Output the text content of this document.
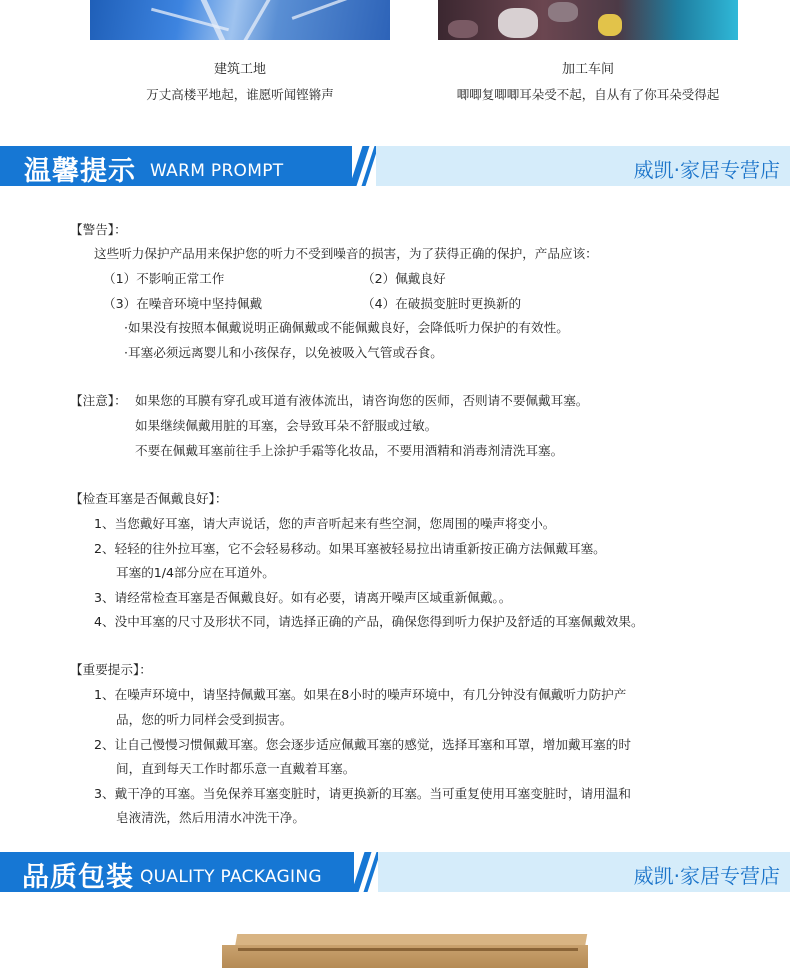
建筑工地
万丈高楼平地起，谁愿听闻铿锵声
加工车间
唧唧复唧唧耳朵受不起，自从有了你耳朵受得起
温馨提示 WARM PROMPT	威凯·家居专营店
【警告】：
这些听力保护产品用来保护您的听力不受到噪音的损害，为了获得正确的保护，产品应该：
（1）不影响正常工作	（2）佩戴良好
（3）在噪音环境中坚持佩戴	（4）在破损变脏时更换新的
·如果没有按照本佩戴说明正确佩戴或不能佩戴良好，会降低听力保护的有效性。
·耳塞必须远离婴儿和小孩保存，以免被吸入气管或吞食。
【注意】： 如果您的耳膜有穿孔或耳道有液体流出，请咨询您的医师，否则请不要佩戴耳塞。
如果继续佩戴用脏的耳塞，会导致耳朵不舒服或过敏。
不要在佩戴耳塞前往手上涂护手霜等化妆品，不要用酒精和消毒剂清洗耳塞。
【检查耳塞是否佩戴良好】：
1、当您戴好耳塞，请大声说话，您的声音听起来有些空洞，您周围的噪声将变小。
2、轻轻的往外拉耳塞，它不会轻易移动。如果耳塞被轻易拉出请重新按正确方法佩戴耳塞。
耳塞的1/4部分应在耳道外。
3、请经常检查耳塞是否佩戴良好。如有必要，请离开噪声区域重新佩戴。。
4、没中耳塞的尺寸及形状不同，请选择正确的产品，确保您得到听力保护及舒适的耳塞佩戴效果。
【重要提示】：
1、在噪声环境中，请坚持佩戴耳塞。如果在8小时的噪声环境中，有几分钟没有佩戴听力防护产
品，您的听力同样会受到损害。
2、让自己慢慢习惯佩戴耳塞。您会逐步适应佩戴耳塞的感觉，选择耳塞和耳罩，增加戴耳塞的时
间，直到每天工作时都乐意一直戴着耳塞。
3、戴干净的耳塞。当免保养耳塞变脏时，请更换新的耳塞。当可重复使用耳塞变脏时，请用温和
皂液清洗，然后用清水冲洗干净。
品质包装 QUALITY PACKAGING	威凯·家居专营店
